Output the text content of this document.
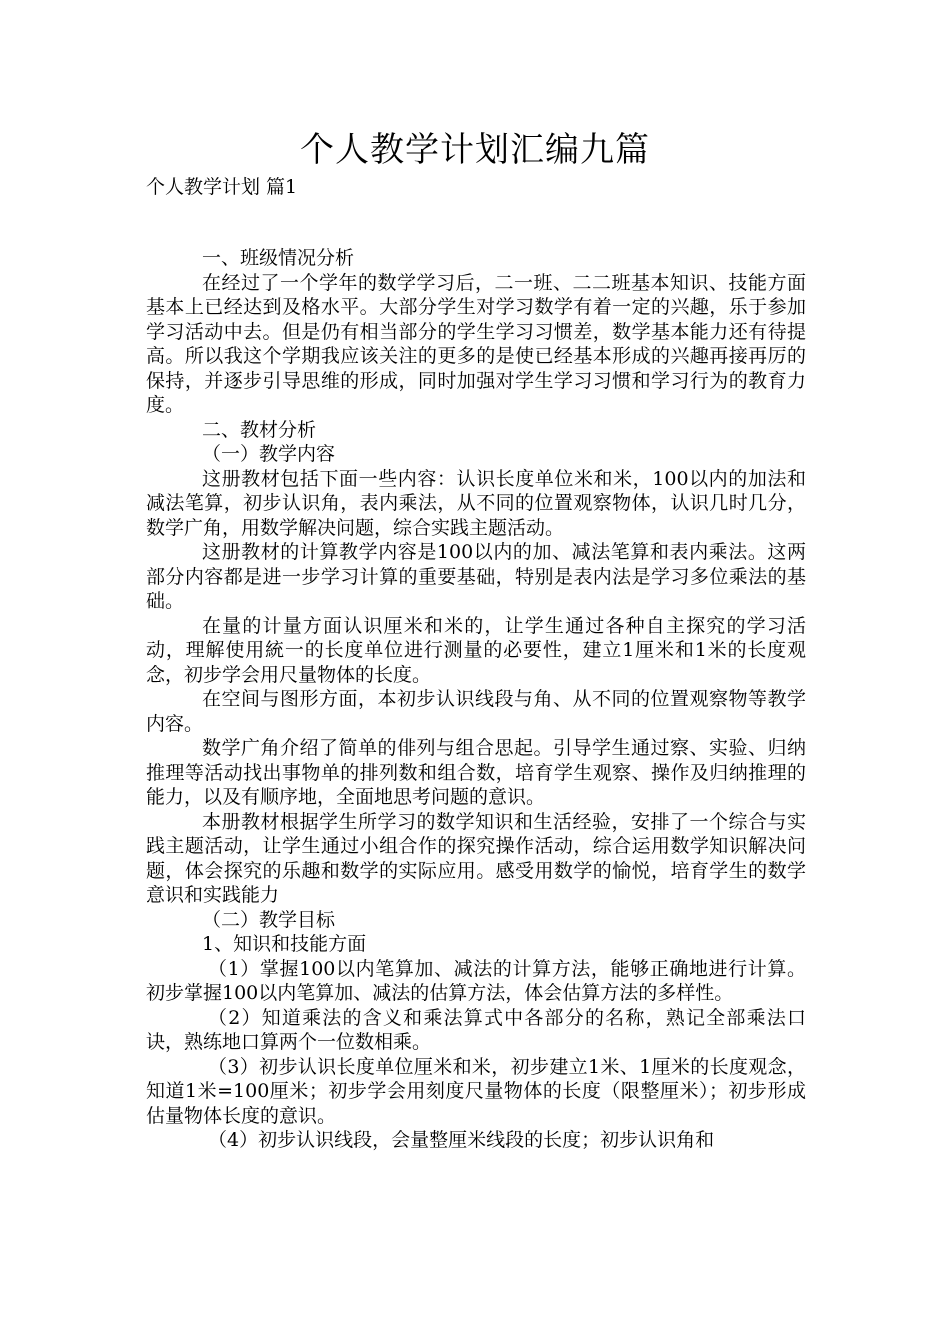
个人教学计划汇编九篇
个人教学计划 篇1

一、班级情况分析

在经过了一个学年的数学学习后，二一班、二二班基本知识、技能方面基本上已经达到及格水平。大部分学生对学习数学有着一定的兴趣，乐于参加学习活动中去。但是仍有相当部分的学生学习习惯差，数学基本能力还有待提高。所以我这个学期我应该关注的更多的是使已经基本形成的兴趣再接再厉的保持，并逐步引导思维的形成，同时加强对学生学习习惯和学习行为的教育力度。

二、教材分析

（一）教学内容

这册教材包括下面一些内容：认识长度单位米和米，100以内的加法和减法笔算，初步认识角，表内乘法，从不同的位置观察物体，认识几时几分，数学广角，用数学解决问题，综合实践主题活动。

这册教材的计算教学内容是100以内的加、减法笔算和表内乘法。这两部分内容都是进一步学习计算的重要基础，特别是表内法是学习多位乘法的基础。

在量的计量方面认识厘米和米的，让学生通过各种自主探究的学习活动，理解使用統一的长度单位进行测量的必要性，建立1厘米和1米的长度观念，初步学会用尺量物体的长度。

在空间与图形方面，本初步认识线段与角、从不同的位置观察物等教学内容。

数学广角介绍了简单的俳列与组合思起。引导学生通过察、实验、归纳推理等活动找出事物单的排列数和组合数，培育学生观察、操作及归纳推理的能力，以及有顺序地，全面地思考问题的意识。

本册教材根据学生所学习的数学知识和生活经验，安排了一个综合与实践主题活动，让学生通过小组合作的探究操作活动，综合运用数学知识解决问题，体会探究的乐趣和数学的实际应用。感受用数学的愉悦，培育学生的数学意识和实践能力

（二）教学目标

1、知识和技能方面

（1）掌握100以内笔算加、减法的计算方法，能够正确地进行计算。初步掌握100以内笔算加、减法的估算方法，体会估算方法的多样性。

（2）知道乘法的含义和乘法算式中各部分的名称，熟记全部乘法口诀，熟练地口算两个一位数相乘。

（3）初步认识长度单位厘米和米，初步建立1米、1厘米的长度观念，知道1米=100厘米；初步学会用刻度尺量物体的长度（限整厘米）；初步形成估量物体长度的意识。

（4）初步认识线段，会量整厘米线段的长度；初步认识角和
